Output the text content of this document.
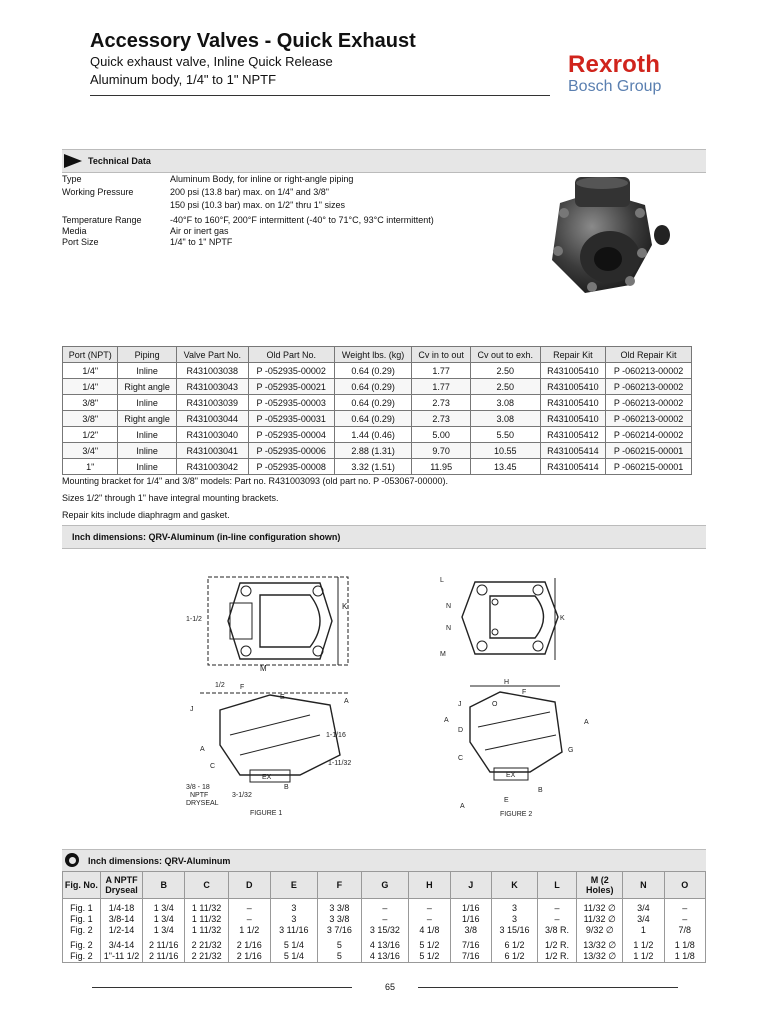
Accessory Valves - Quick Exhaust
Quick exhaust valve, Inline Quick Release
Aluminum body, 1/4" to 1" NPTF
Rexroth
Bosch Group
Technical Data
Type	Aluminum Body, for inline or right-angle piping
Working Pressure	200 psi (13.8 bar) max. on 1/4" and 3/8"
150 psi (10.3 bar) max. on 1/2" thru 1" sizes
Temperature Range	-40°F to 160°F, 200°F intermittent (-40° to 71°C, 93°C intermittent)
Media	Air or inert gas
Port Size	1/4" to 1" NPTF
Port (NPT)	Piping	Valve Part No.	Old Part No.	Weight lbs. (kg)	Cv in to out	Cv out to exh.	Repair Kit	Old Repair Kit
1/4"	Inline	R431003038	P -052935-00002	0.64 (0.29)	1.77	2.50	R431005410	P -060213-00002
1/4"	Right angle	R431003043	P -052935-00021	0.64 (0.29)	1.77	2.50	R431005410	P -060213-00002
3/8"	Inline	R431003039	P -052935-00003	0.64 (0.29)	2.73	3.08	R431005410	P -060213-00002
3/8"	Right angle	R431003044	P -052935-00031	0.64 (0.29)	2.73	3.08	R431005410	P -060213-00002
1/2"	Inline	R431003040	P -052935-00004	1.44 (0.46)	5.00	5.50	R431005412	P -060214-00002
3/4"	Inline	R431003041	P -052935-00006	2.88 (1.31)	9.70	10.55	R431005414	P -060215-00001
1"	Inline	R431003042	P -052935-00008	3.32 (1.51)	11.95	13.45	R431005414	P -060215-00001
Mounting bracket for 1/4" and 3/8" models: Part no. R431003093 (old part no. P -053067-00000).
Sizes 1/2" through 1" have integral mounting brackets.
Repair kits include diaphragm and gasket.
Inch dimensions: QRV-Aluminum (in-line configuration shown)
K
1-1/2
M
1/2 F
E
J
A
1-1/16
1-11/32
A
C
EX
B
3-1/32
3/8 - 18
NPTF
DRYSEAL
FIGURE 1
L
N
N
K
M
H
F
J	O
A
A
D
C
G
EX
B
E
A
FIGURE 2
Inch dimensions: QRV-Aluminum
Fig. No.	A NPTF Dryseal	B	C	D	E	F	G	H	J	K	L	M (2 Holes)	N	O
Fig. 1	1/4-18	1 3/4	1 11/32	–	3	3 3/8	–	–	1/16	3	–	11/32 ∅	3/4	–
Fig. 1	3/8-14	1 3/4	1 11/32	–	3	3 3/8	–	–	1/16	3	–	11/32 ∅	3/4	–
Fig. 2	1/2-14	1 3/4	1 11/32	1 1/2	3 11/16	3 7/16	3 15/32	4 1/8	3/8	3 15/16	3/8 R.	9/32 ∅	1	7/8
Fig. 2	3/4-14	2 11/16	2 21/32	2 1/16	5 1/4	5	4 13/16	5 1/2	7/16	6 1/2	1/2 R.	13/32 ∅	1 1/2	1 1/8
Fig. 2	1"-11 1/2	2 11/16	2 21/32	2 1/16	5 1/4	5	4 13/16	5 1/2	7/16	6 1/2	1/2 R.	13/32 ∅	1 1/2	1 1/8
65
